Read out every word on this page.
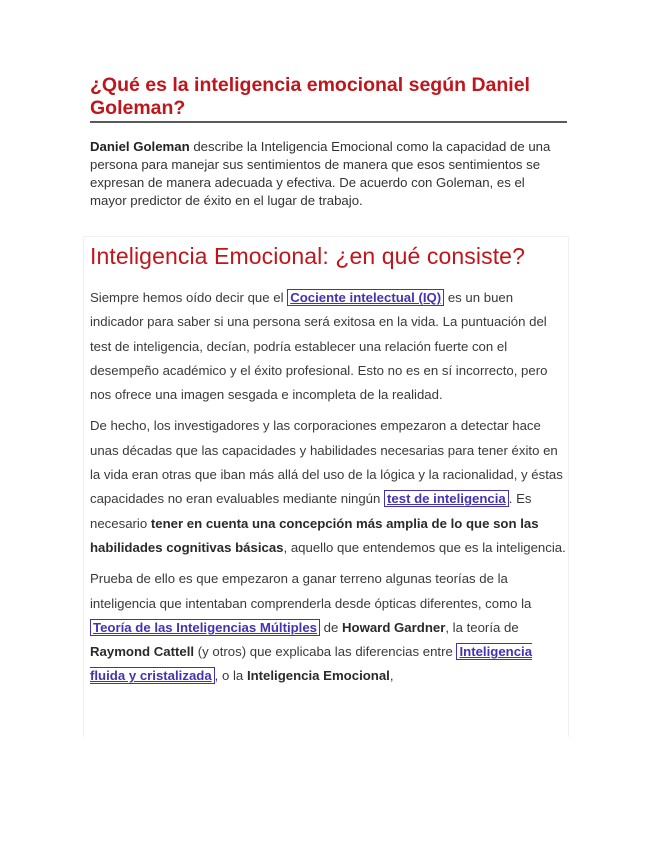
¿Qué es la inteligencia emocional según Daniel Goleman?

Daniel Goleman describe la Inteligencia Emocional como la capacidad de una persona para manejar sus sentimientos de manera que esos sentimientos se expresan de manera adecuada y efectiva. De acuerdo con Goleman, es el mayor predictor de éxito en el lugar de trabajo.

Inteligencia Emocional: ¿en qué consiste?

Siempre hemos oído decir que el Cociente intelectual (IQ) es un buen indicador para saber si una persona será exitosa en la vida. La puntuación del test de inteligencia, decían, podría establecer una relación fuerte con el desempeño académico y el éxito profesional. Esto no es en sí incorrecto, pero nos ofrece una imagen sesgada e incompleta de la realidad.

De hecho, los investigadores y las corporaciones empezaron a detectar hace unas décadas que las capacidades y habilidades necesarias para tener éxito en la vida eran otras que iban más allá del uso de la lógica y la racionalidad, y éstas capacidades no eran evaluables mediante ningún test de inteligencia . Es necesario tener en cuenta una concepción más amplia de lo que son las habilidades cognitivas básicas, aquello que entendemos que es la inteligencia.

Prueba de ello es que empezaron a ganar terreno algunas teorías de la inteligencia que intentaban comprenderla desde ópticas diferentes, como la Teoría de las Inteligencias Múltiples de Howard Gardner, la teoría de Raymond Cattell (y otros) que explicaba las diferencias entre Inteligencia fluida y cristalizada , o la Inteligencia Emocional,
